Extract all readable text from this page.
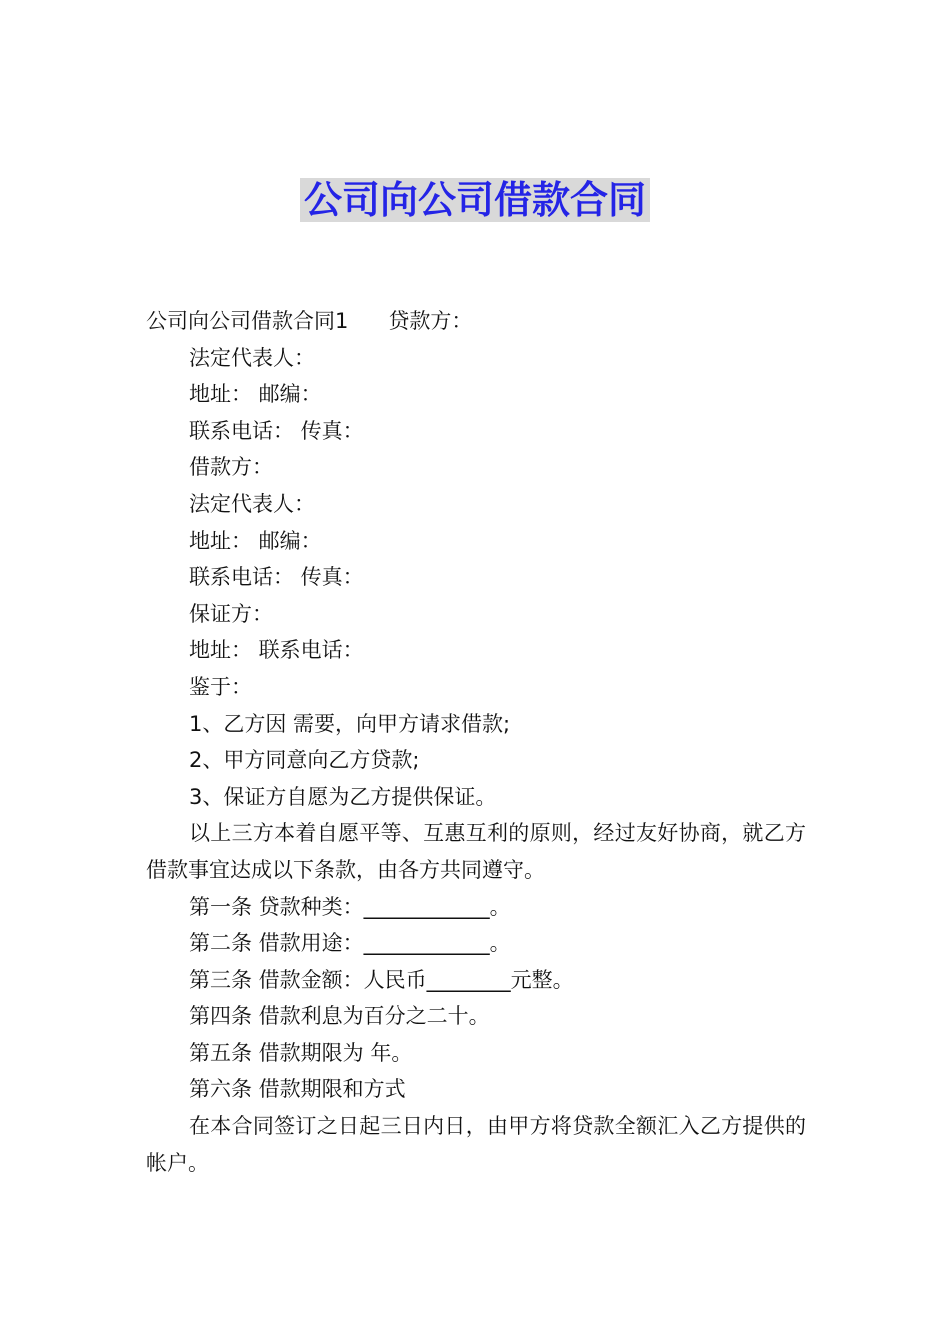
公司向公司借款合同
公司向公司借款合同1 贷款方：
法定代表人：
地址： 邮编：
联系电话： 传真：
借款方：
法定代表人：
地址： 邮编：
联系电话： 传真：
保证方：
地址： 联系电话：
鉴于：
1、乙方因 需要，向甲方请求借款;
2、甲方同意向乙方贷款;
3、保证方自愿为乙方提供保证。
以上三方本着自愿平等、互惠互利的原则，经过友好协商，就乙方借款事宜达成以下条款，由各方共同遵守。
第一条 贷款种类：____________。
第二条 借款用途：____________。
第三条 借款金额：人民币________元整。
第四条 借款利息为百分之二十。
第五条 借款期限为 年。
第六条 借款期限和方式
在本合同签订之日起三日内日，由甲方将贷款全额汇入乙方提供的帐户。
